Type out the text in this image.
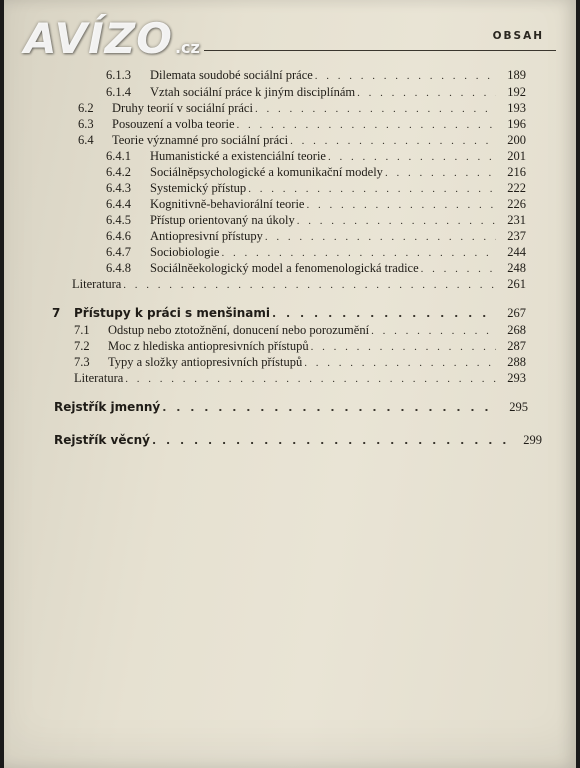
AVÍZO .cz
OBSAH
6.1.3	Dilemata soudobé sociální práce . . .	189
6.1.4	Vztah sociální práce k jiným disciplínám . . .	192
6.2	Druhy teorií v sociální práci . . .	193
6.3	Posouzení a volba teorie . . .	196
6.4	Teorie významné pro sociální práci . . .	200
6.4.1	Humanistické a existenciální teorie . . .	201
6.4.2	Sociálněpsychologické a komunikační modely . . .	216
6.4.3	Systemický přístup . . .	222
6.4.4	Kognitivně-behaviorální teorie . . .	226
6.4.5	Přístup orientovaný na úkoly . . .	231
6.4.6	Antiopresivní přístupy . . .	237
6.4.7	Sociobiologie . . .	244
6.4.8	Sociálněekologický model a fenomenologická tradice . . .	248
Literatura . . .	261
7	Přístupy k práci s menšinami . . .	267
7.1	Odstup nebo ztotožnění, donucení nebo porozumění . . .	268
7.2	Moc z hlediska antiopresivních přístupů . . .	287
7.3	Typy a složky antiopresivních přístupů . . .	288
Literatura . . .	293
Rejstřík jmenný . . .	295
Rejstřík věcný . . .	299
